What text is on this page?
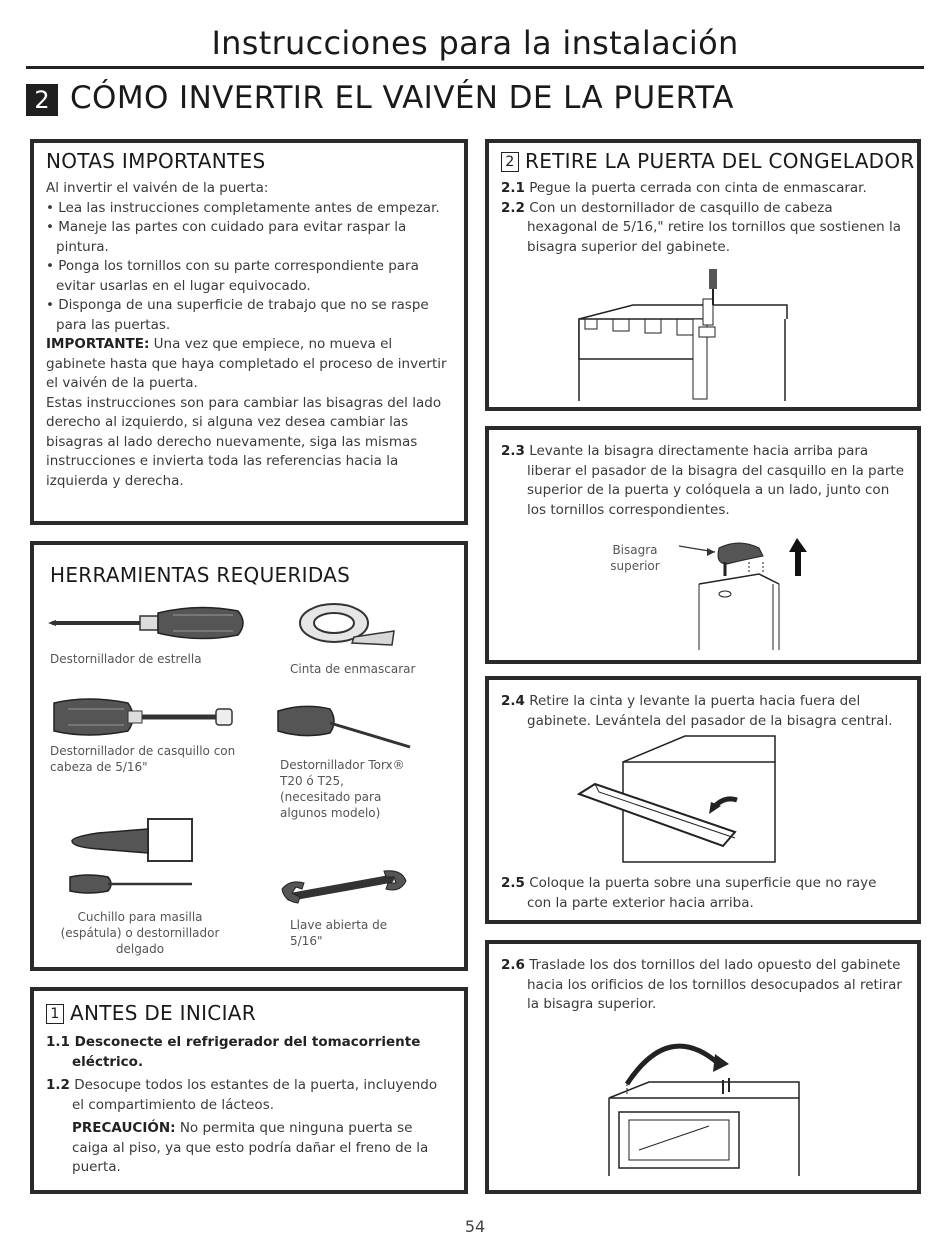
Instrucciones para la instalación
2 CÓMO INVERTIR EL VAIVÉN DE LA PUERTA
NOTAS IMPORTANTES

Al invertir el vaivén de la puerta:

• Lea las instrucciones completamente antes de empezar.

• Maneje las partes con cuidado para evitar raspar la pintura.

• Ponga los tornillos con su parte correspondiente para evitar usarlas en el lugar equivocado.

• Disponga de una superficie de trabajo que no se raspe para las puertas.

IMPORTANTE: Una vez que empiece, no mueva el gabinete hasta que haya completado el proceso de invertir el vaivén de la puerta.

Estas instrucciones son para cambiar las bisagras del lado derecho al izquierdo, si alguna vez desea cambiar las bisagras al lado derecho nuevamente, siga las mismas instrucciones e invierta toda las referencias hacia la izquierda y derecha.

HERRAMIENTAS REQUERIDAS
Destornillador de estrella
Cinta de enmascarar
Destornillador de casquillo con cabeza de 5/16"	Destornillador Torx® T20 ó T25, (necesitado para algunos modelo)
Cuchillo para masilla (espátula) o destornillador delgado
Llave abierta de 5/16"
1 ANTES DE INICIAR

1.1 Desconecte el refrigerador del tomacorriente eléctrico.

1.2 Desocupe todos los estantes de la puerta, incluyendo el compartimiento de lácteos.

PRECAUCIÓN: No permita que ninguna puerta se caiga al piso, ya que esto podría dañar el freno de la puerta.

2 RETIRE LA PUERTA DEL CONGELADOR

2.1 Pegue la puerta cerrada con cinta de enmascarar.

2.2 Con un destornillador de casquillo de cabeza hexagonal de 5/16," retire los tornillos que sostienen la bisagra superior del gabinete.

2.3 Levante la bisagra directamente hacia arriba para liberar el pasador de la bisagra del casquillo en la parte superior de la puerta y colóquela a un lado, junto con los tornillos correspondientes.

Bisagra
superior

2.4 Retire la cinta y levante la puerta hacia fuera del gabinete. Levántela del pasador de la bisagra central.

2.5 Coloque la puerta sobre una superficie que no raye con la parte exterior hacia arriba.

2.6 Traslade los dos tornillos del lado opuesto del gabinete hacia los orificios de los tornillos desocupados al retirar la bisagra superior.

54
